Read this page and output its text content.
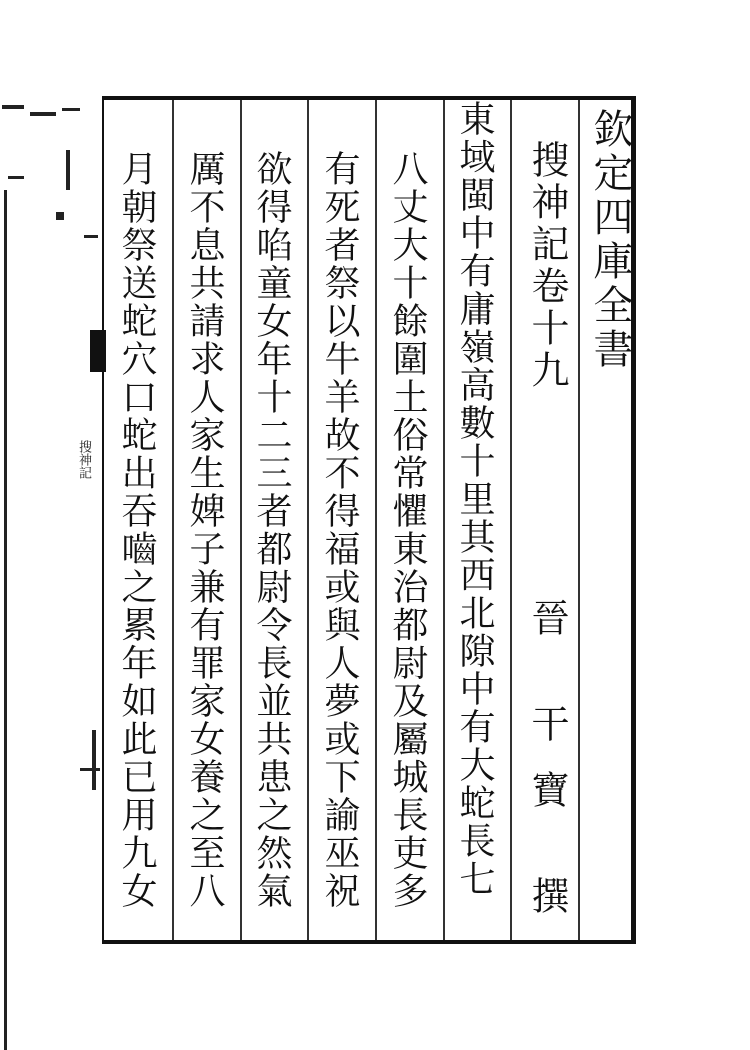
搜神記
欽定四庫全書
搜神記卷十九
晉 干寶 撰
東域閩中有庸嶺高數十里其西北隙中有大蛇長七
八丈大十餘圍土俗常懼東治都尉及屬城長吏多
有死者祭以牛羊故不得福或與人夢或下諭巫祝
欲得啗童女年十二三者都尉令長並共患之然氣
厲不息共請求人家生婢子兼有罪家女養之至八
月朝祭送蛇穴口蛇出吞嚙之累年如此已用九女
